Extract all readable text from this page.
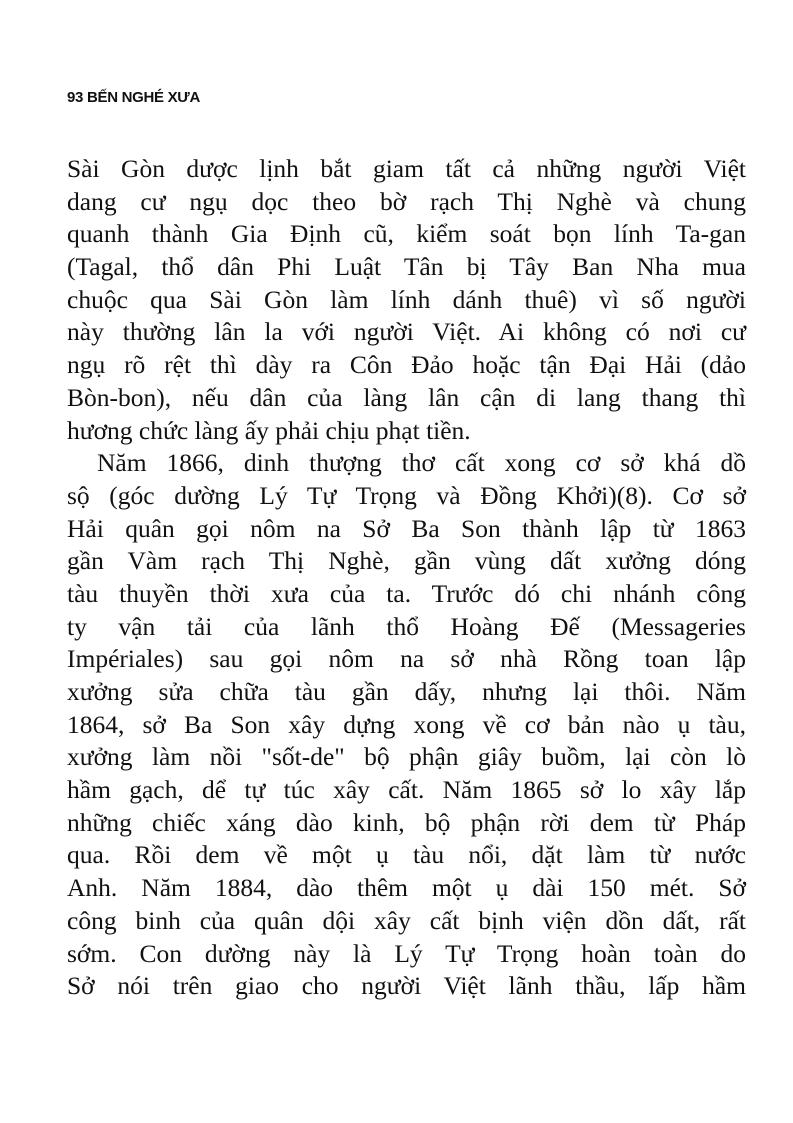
93 BẾN NGHÉ XƯA
Sài Gòn dược lịnh bắt giam tất cả những người Việt
dang cư ngụ dọc theo bờ rạch Thị Nghè và chung
quanh thành Gia Định cũ, kiểm soát bọn lính Ta-gan
(Tagal, thổ dân Phi Luật Tân bị Tây Ban Nha mua
chuộc qua Sài Gòn làm lính dánh thuê) vì số người
này thường lân la với người Việt. Ai không có nơi cư
ngụ rõ rệt thì dày ra Côn Đảo hoặc tận Đại Hải (dảo
Bòn-bon), nếu dân của làng lân cận di lang thang thì
hương chức làng ấy phải chịu phạt tiền.
Năm 1866, dinh thượng thơ cất xong cơ sở khá dồ
sộ (góc dường Lý Tự Trọng và Đồng Khởi)(8). Cơ sở
Hải quân gọi nôm na Sở Ba Son thành lập từ 1863
gần Vàm rạch Thị Nghè, gần vùng dất xưởng dóng
tàu thuyền thời xưa của ta. Trước dó chi nhánh công
ty vận tải của lãnh thổ Hoàng Đế (Messageries
Impériales) sau gọi nôm na sở nhà Rồng toan lập
xưởng sửa chữa tàu gần dấy, nhưng lại thôi. Năm
1864, sở Ba Son xây dựng xong về cơ bản nào ụ tàu,
xưởng làm nồi "sốt-de" bộ phận giây buồm, lại còn lò
hầm gạch, dể tự túc xây cất. Năm 1865 sở lo xây lắp
những chiếc xáng dào kinh, bộ phận rời dem từ Pháp
qua. Rồi dem về một ụ tàu nổi, dặt làm từ nước
Anh. Năm 1884, dào thêm một ụ dài 150 mét. Sở
công binh của quân dội xây cất bịnh viện dồn dất, rất
sớm. Con dường này là Lý Tự Trọng hoàn toàn do
Sở nói trên giao cho người Việt lãnh thầu, lấp hầm
